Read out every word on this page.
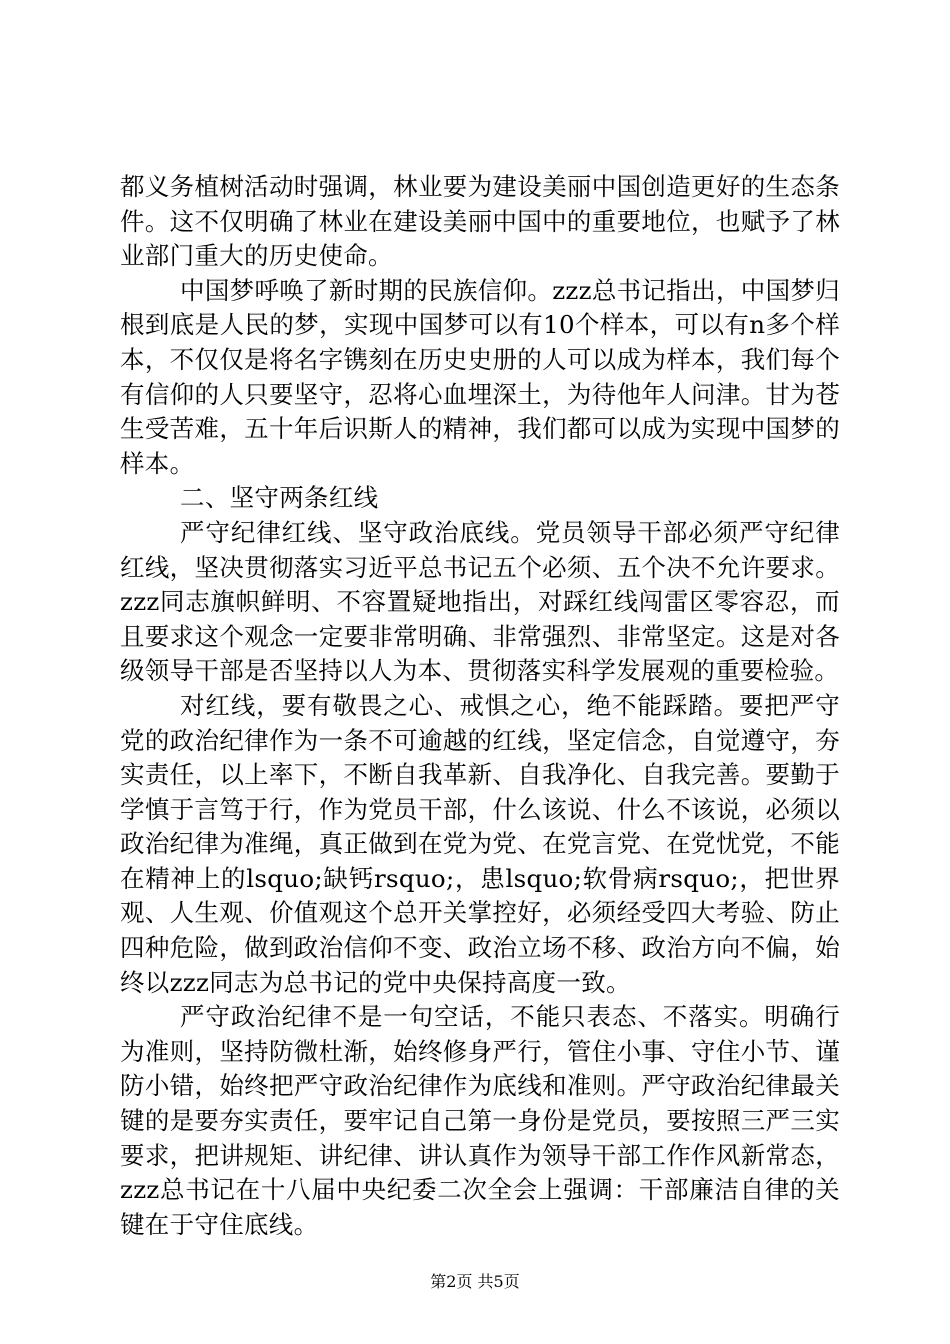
都义务植树活动时强调，林业要为建设美丽中国创造更好的生态条件。这不仅明确了林业在建设美丽中国中的重要地位，也赋予了林业部门重大的历史使命。

中国梦呼唤了新时期的民族信仰。zzz总书记指出，中国梦归根到底是人民的梦，实现中国梦可以有10个样本，可以有n多个样本，不仅仅是将名字镌刻在历史史册的人可以成为样本，我们每个有信仰的人只要坚守，忍将心血埋深土，为待他年人问津。甘为苍生受苦难，五十年后识斯人的精神，我们都可以成为实现中国梦的样本。

二、坚守两条红线

严守纪律红线、坚守政治底线。党员领导干部必须严守纪律红线，坚决贯彻落实习近平总书记五个必须、五个决不允许要求。zzz同志旗帜鲜明、不容置疑地指出，对踩红线闯雷区零容忍，而且要求这个观念一定要非常明确、非常强烈、非常坚定。这是对各级领导干部是否坚持以人为本、贯彻落实科学发展观的重要检验。

对红线，要有敬畏之心、戒惧之心，绝不能踩踏。要把严守党的政治纪律作为一条不可逾越的红线，坚定信念，自觉遵守，夯实责任，以上率下，不断自我革新、自我净化、自我完善。要勤于学慎于言笃于行，作为党员干部，什么该说、什么不该说，必须以政治纪律为准绳，真正做到在党为党、在党言党、在党忧党，不能在精神上的lsquo;缺钙rsquo;，患lsquo;软骨病rsquo;，把世界观、人生观、价值观这个总开关掌控好，必须经受四大考验、防止四种危险，做到政治信仰不变、政治立场不移、政治方向不偏，始终以zzz同志为总书记的党中央保持高度一致。

严守政治纪律不是一句空话，不能只表态、不落实。明确行为准则，坚持防微杜渐，始终修身严行，管住小事、守住小节、谨防小错，始终把严守政治纪律作为底线和准则。严守政治纪律最关键的是要夯实责任，要牢记自己第一身份是党员，要按照三严三实要求，把讲规矩、讲纪律、讲认真作为领导干部工作作风新常态，zzz总书记在十八届中央纪委二次全会上强调：干部廉洁自律的关键在于守住底线。

第2页 共5页
